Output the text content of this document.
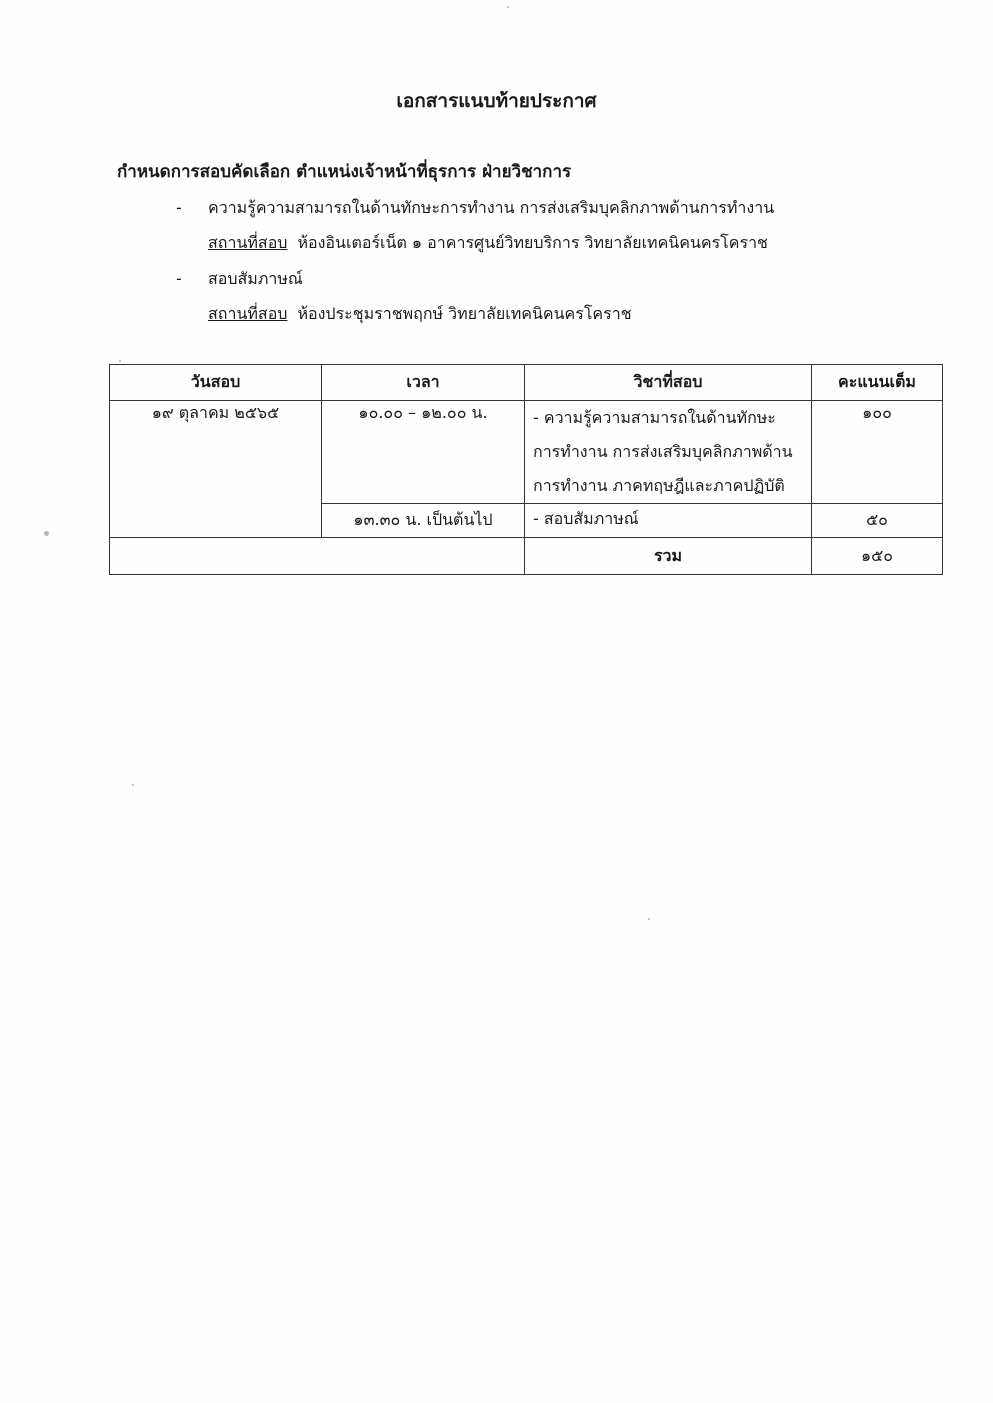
เอกสารแนบท้ายประกาศ
กำหนดการสอบคัดเลือก ตำแหน่งเจ้าหน้าที่ธุรการ ฝ่ายวิชาการ
- ความรู้ความสามารถในด้านทักษะการทำงาน การส่งเสริมบุคลิกภาพด้านการทำงาน
สถานที่สอบ ห้องอินเตอร์เน็ต ๑ อาคารศูนย์วิทยบริการ วิทยาลัยเทคนิคนครโคราช
- สอบสัมภาษณ์
สถานที่สอบ ห้องประชุมราชพฤกษ์ วิทยาลัยเทคนิคนครโคราช
วันสอบ	เวลา	วิชาที่สอบ	คะแนนเต็ม
๑๙ ตุลาคม ๒๕๖๕	๑๐.๐๐ – ๑๒.๐๐ น.	- ความรู้ความสามารถในด้านทักษะ
การทำงาน การส่งเสริมบุคลิกภาพด้าน
การทำงาน ภาคทฤษฎีและภาคปฏิบัติ	๑๐๐
	๑๓.๓๐ น. เป็นต้นไป	- สอบสัมภาษณ์	๕๐
		รวม	๑๕๐
